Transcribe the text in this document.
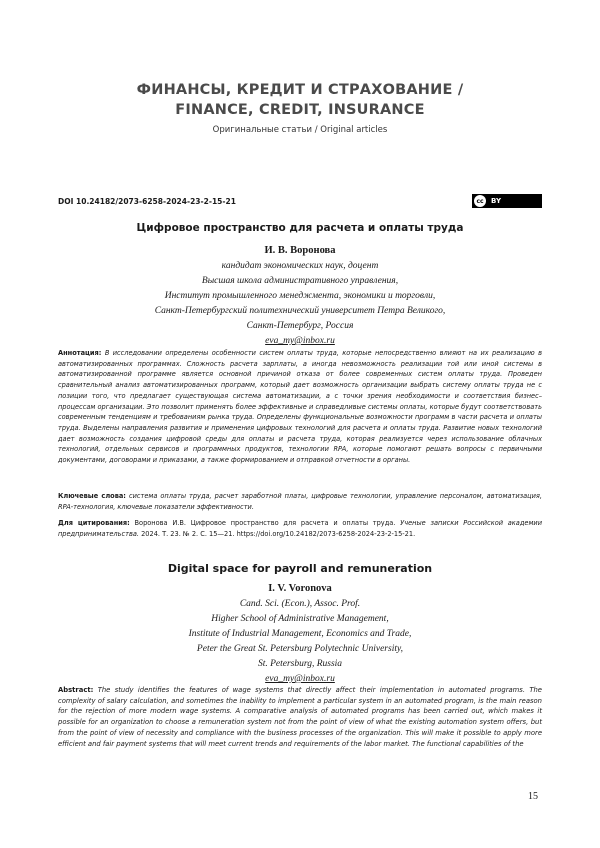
ФИНАНСЫ, КРЕДИТ И СТРАХОВАНИЕ /
FINANCE, CREDIT, INSURANCE
Оригинальные статьи / Original articles
DOI 10.24182/2073-6258-2024-23-2-15-21	cc	BY
Цифровое пространство для расчета и оплаты труда
И. В. Воронова
кандидат экономических наук, доцент
Высшая школа административного управления,
Институт промышленного менеджмента, экономики и торговли,
Санкт-Петербургский политехнический университет Петра Великого,
Санкт-Петербург, Россия
eva_my@inbox.ru
Аннотация: В исследовании определены особенности систем оплаты труда, которые непосредственно влияют на их реализацию в автоматизированных программах. Сложность расчета зарплаты, а иногда невозможность реализации той или иной системы в автоматизированной программе является основной причиной отказа от более современных систем оплаты труда. Проведен сравнительный анализ автоматизированных программ, который дает возможность организации выбрать систему оплаты труда не с позиции того, что предлагает существующая система автоматизации, а с точки зрения необходимости и соответствия бизнес–процессам организации. Это позволит применять более эффективные и справедливые системы оплаты, которые будут соответствовать современным тенденциям и требованиям рынка труда. Определены функциональные возможности программ в части расчета и оплаты труда. Выделены направления развития и применения цифровых технологий для расчета и оплаты труда. Развитие новых технологий дает возможность создания цифровой среды для оплаты и расчета труда, которая реализуется через использование облачных технологий, отдельных сервисов и программных продуктов, технологии RPA, которые помогают решать вопросы с первичными документами, договорами и приказами, а также формированием и отправкой отчетности в органы.
Ключевые слова: система оплаты труда, расчет заработной платы, цифровые технологии, управление персоналом, автоматизация, RPA-технология, ключевые показатели эффективности.
Для цитирования: Воронова И.В. Цифровое пространство для расчета и оплаты труда. Ученые записки Российской академии предпринимательства. 2024. Т. 23. № 2. С. 15—21. https://doi.org/10.24182/2073-6258-2024-23-2-15-21.
Digital space for payroll and remuneration
I. V. Voronova
Cand. Sci. (Econ.), Assoc. Prof.
Higher School of Administrative Management,
Institute of Industrial Management, Economics and Trade,
Peter the Great St. Petersburg Polytechnic University,
St. Petersburg, Russia
eva_my@inbox.ru
Abstract: The study identifies the features of wage systems that directly affect their implementation in automated programs. The complexity of salary calculation, and sometimes the inability to implement a particular system in an automated program, is the main reason for the rejection of more modern wage systems. A comparative analysis of automated programs has been carried out, which makes it possible for an organization to choose a remuneration system not from the point of view of what the existing automation system offers, but from the point of view of necessity and compliance with the business processes of the organization. This will make it possible to apply more efficient and fair payment systems that will meet current trends and requirements of the labor market. The functional capabilities of the
15
